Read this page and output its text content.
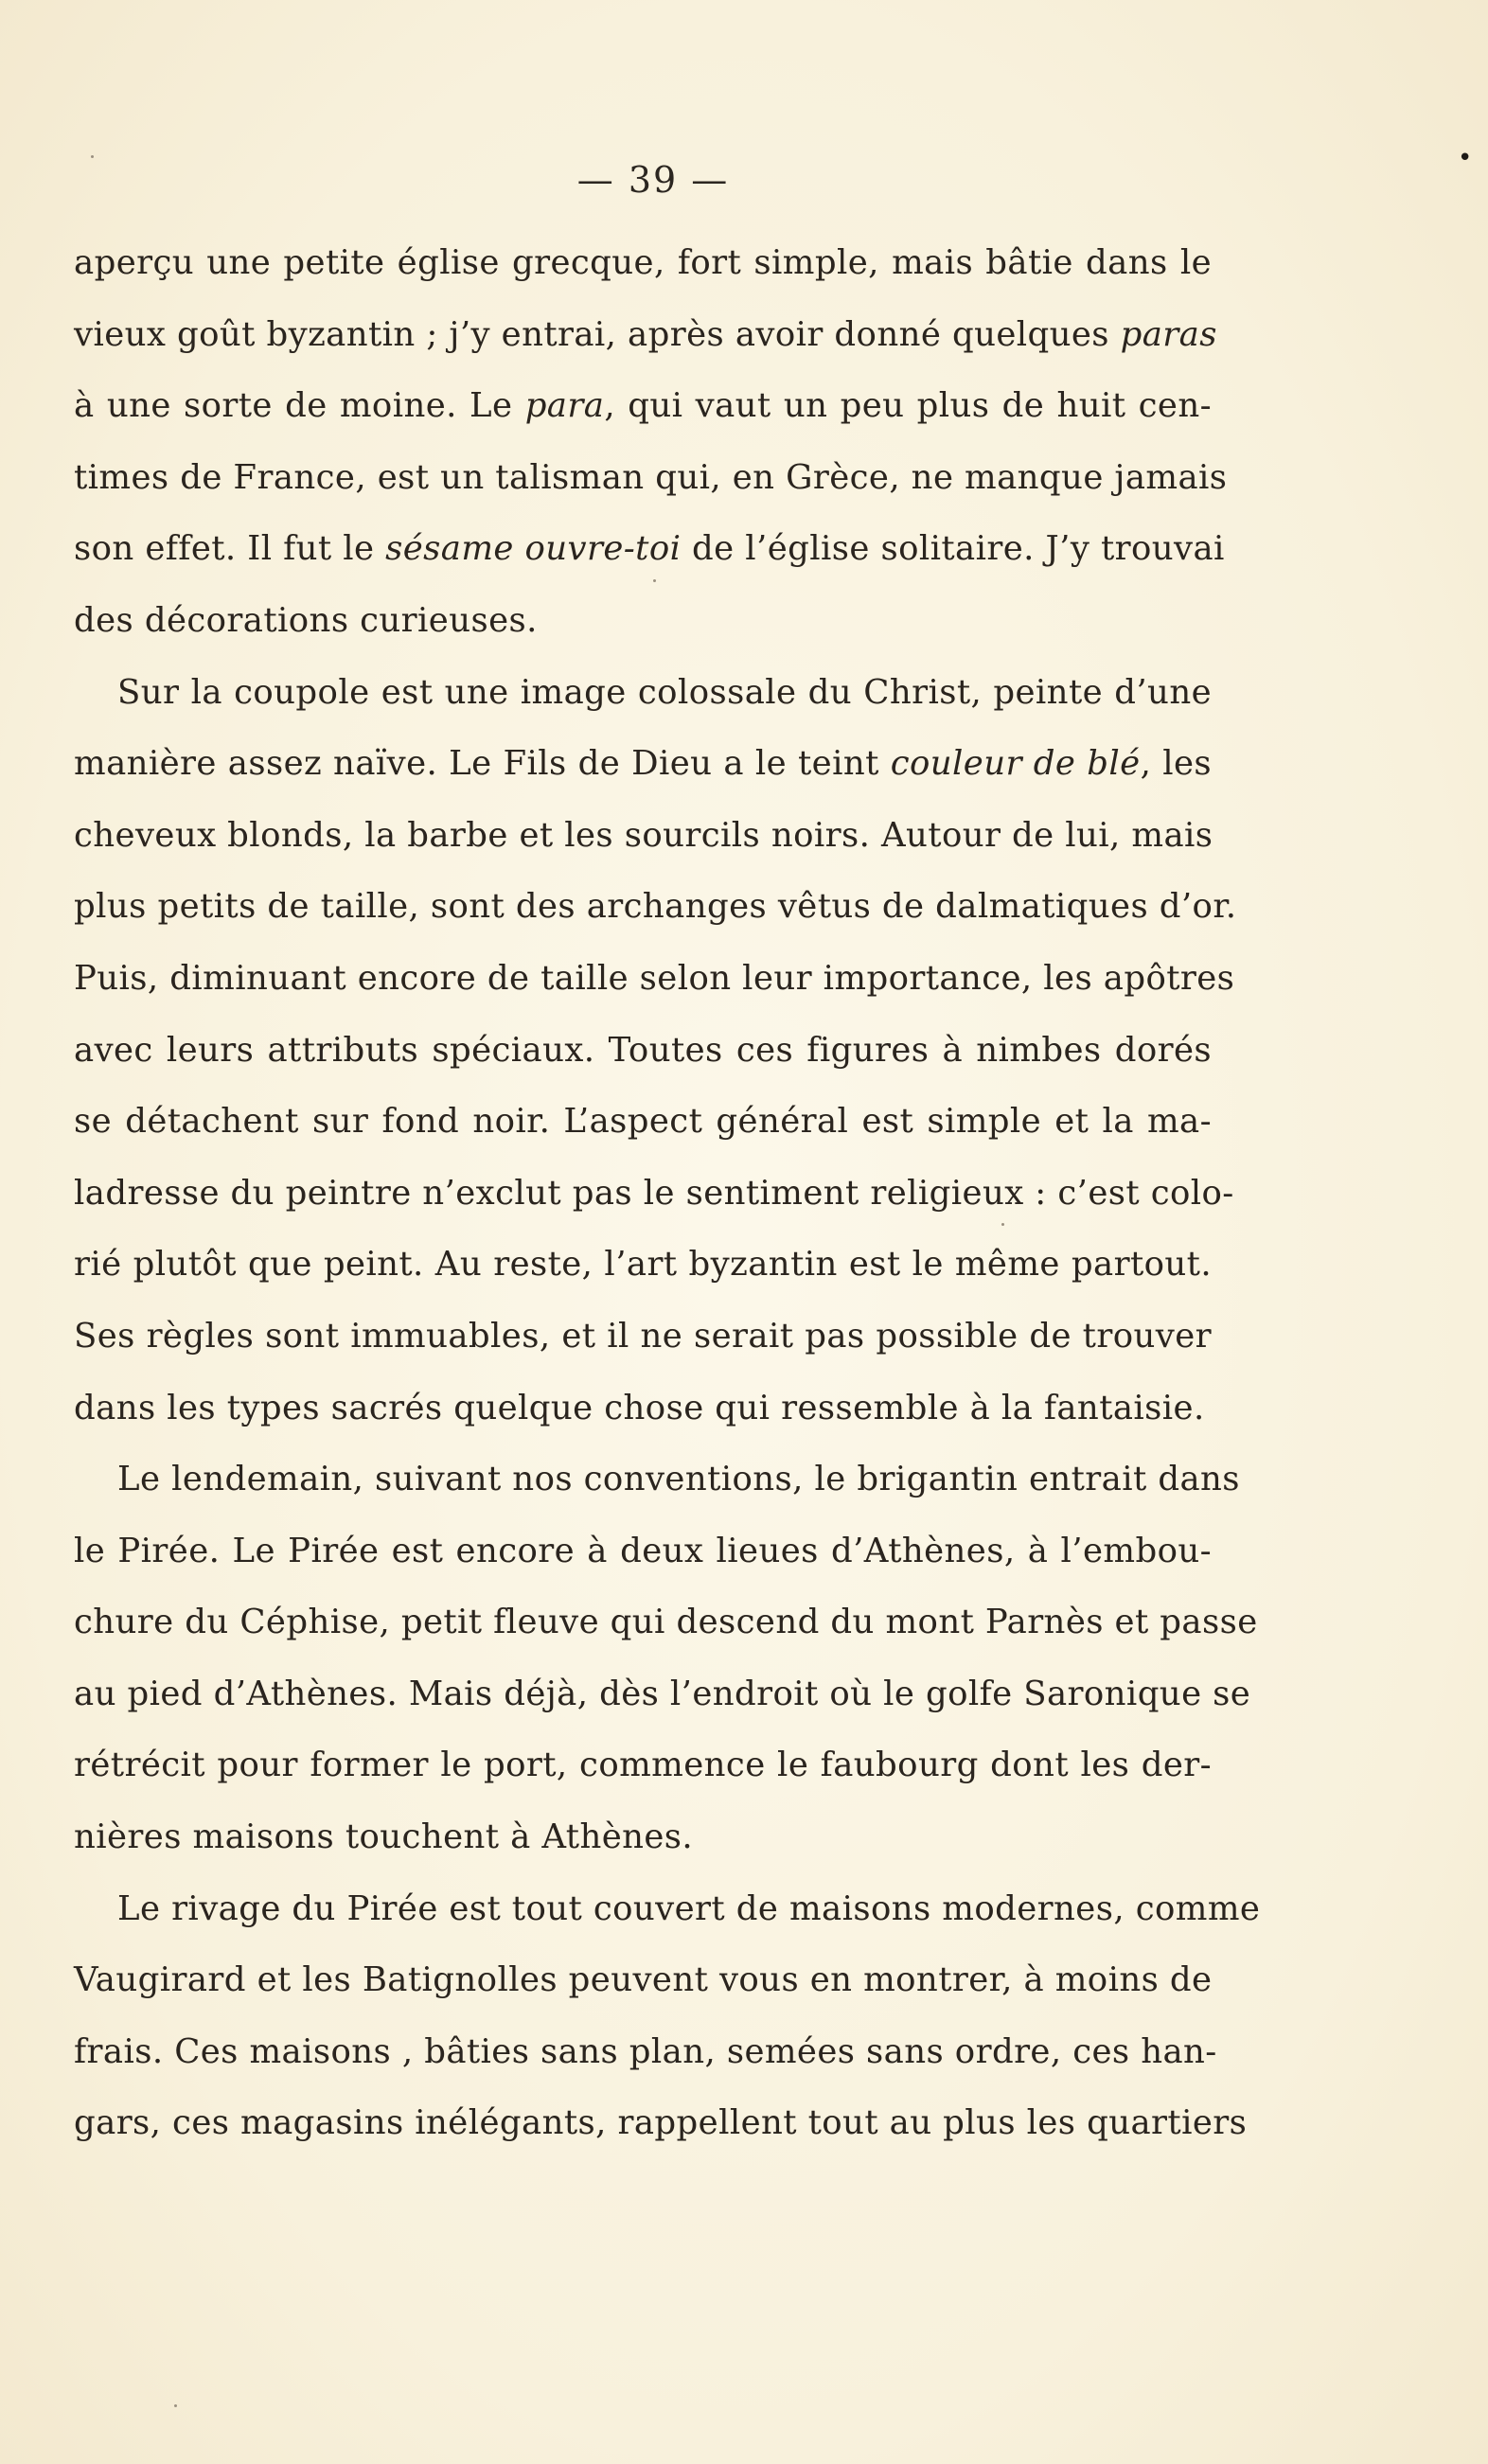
— 39 —
•
aperçu une petite église grecque, fort simple, mais bâtie dans le
vieux goût byzantin ; j’y entrai, après avoir donné quelques paras
à une sorte de moine. Le para, qui vaut un peu plus de huit cen-
times de France, est un talisman qui, en Grèce, ne manque jamais
son effet. Il fut le sésame ouvre-toi de l’église solitaire. J’y trouvai
des décorations curieuses.
Sur la coupole est une image colossale du Christ, peinte d’une
manière assez naïve. Le Fils de Dieu a le teint couleur de blé, les
cheveux blonds, la barbe et les sourcils noirs. Autour de lui, mais
plus petits de taille, sont des archanges vêtus de dalmatiques d’or.
Puis, diminuant encore de taille selon leur importance, les apôtres
avec leurs attributs spéciaux. Toutes ces figures à nimbes dorés
se détachent sur fond noir. L’aspect général est simple et la ma-
ladresse du peintre n’exclut pas le sentiment religieux : c’est colo-
rié plutôt que peint. Au reste, l’art byzantin est le même partout.
Ses règles sont immuables, et il ne serait pas possible de trouver
dans les types sacrés quelque chose qui ressemble à la fantaisie.
Le lendemain, suivant nos conventions, le brigantin entrait dans
le Pirée. Le Pirée est encore à deux lieues d’Athènes, à l’embou-
chure du Céphise, petit fleuve qui descend du mont Parnès et passe
au pied d’Athènes. Mais déjà, dès l’endroit où le golfe Saronique se
rétrécit pour former le port, commence le faubourg dont les der-
nières maisons touchent à Athènes.
Le rivage du Pirée est tout couvert de maisons modernes, comme
Vaugirard et les Batignolles peuvent vous en montrer, à moins de
frais. Ces maisons , bâties sans plan, semées sans ordre, ces han-
gars, ces magasins inélégants, rappellent tout au plus les quartiers
